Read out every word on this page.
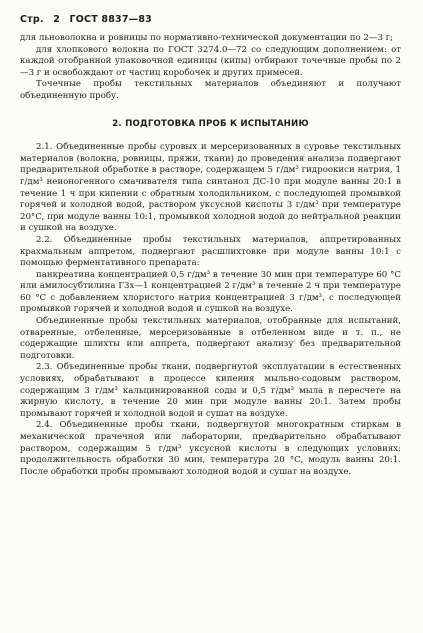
Стр. 2 ГОСТ 8837—83

для льноволокна и ровницы по нормативно-технической документации по 2—3 г;

для хлопкового волокна по ГОСТ 3274.0—72 со следующим дополнением: от каждой отобранной упаковочной единицы (кипы) отбирают точечные пробы по 2—3 г и освобождают от частиц коробочек и других примесей.

Точечные пробы текстильных материалов объединяют и получают объединенную пробу.

2. ПОДГОТОВКА ПРОБ К ИСПЫТАНИЮ

2.1. Объединенные пробы суровых и мерсеризованных в суровье текстильных материалов (волокна, ровницы, пряжи, ткани) до проведения анализа подвергают предварительной обработке в растворе, содержащем 5 г/дм³ гидроокиси натрия, 1 г/дм³ неионогенного смачивателя типа синтанол ДС-10 при модуле ванны 20:1 в течение 1 ч при кипении с обратным холодильником, с последующей промывкой горячей и холодной водой, раствором уксусной кислоты 3 г/дм³ при температуре 20°C, при модуле ванны 10:1, промывкой холодной водой до нейтральной реакции и сушкой на воздухе.

2.2. Объединенные пробы текстильных материалов, аппретированных крахмальным аппретом, подвергают расшлихтовке при модуле ванны 10:1 с помощью ферментативного препарата:

панкреатина концентрацией 0,5 г/дм³ в течение 30 мин при температуре 60 °C или амилосубтилина Г3х—1 концентрацией 2 г/дм³ в течение 2 ч при температуре 60 °C с добавлением хлористого натрия концентрацией 3 г/дм³, с последующей промывкой горячей и холодной водой и сушкой на воздухе.

Объединенные пробы текстильных материалов, отобранные для испытаний, отваренные, отбеленные, мерсеризованные в отбеленном виде и т. п., не содержащие шлихты или аппрета, подвергают анализу без предварительной подготовки.

2.3. Объединенные пробы ткани, подвергнутой эксплуатации в естественных условиях, обрабатывают в процессе кипения мыльно-содовым раствором, содержащим 3 г/дм³ кальцинированной соды и 0,5 г/дм³ мыла в пересчете на жирную кислоту, в течение 20 мин при модуле ванны 20:1. Затем пробы промывают горячей и холодной водой и сушат на воздухе.

2.4. Объединенные пробы ткани, подвергнутой многократным стиркам в механической прачечной или лаборатории, предварительно обрабатывают раствором, содержащим 5 г/дм³ уксусной кислоты в следующих условиях: продолжительность обработки 30 мин, температура 20 °C, модуль ванны 20:1. После обработки пробы промывают холодной водой и сушат на воздухе.
